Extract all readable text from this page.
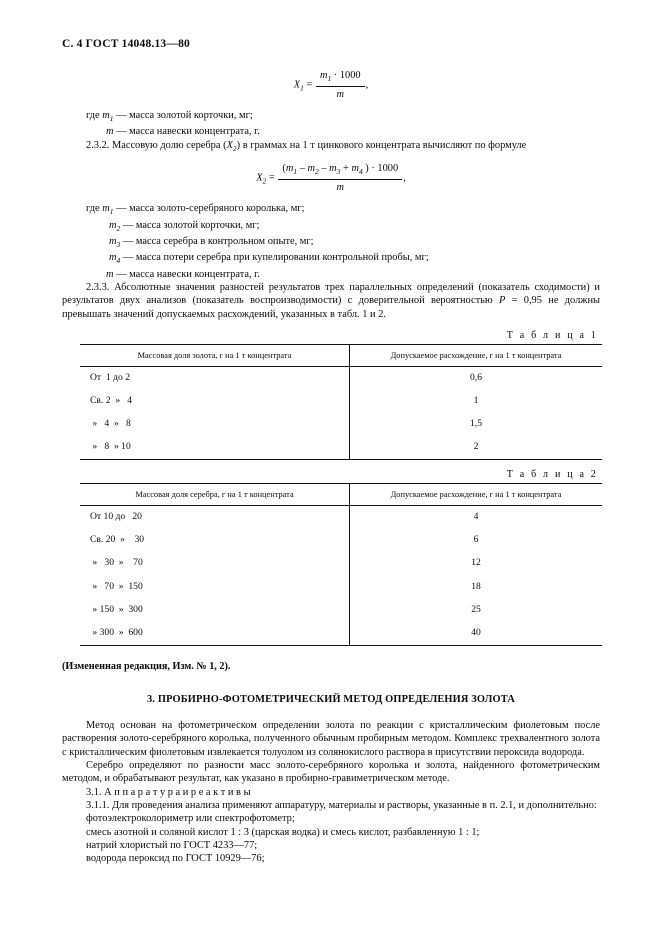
С. 4 ГОСТ 14048.13—80
$X_1 = \frac{m_1 \cdot 1000}{m}$ ,

где $m_1$ — масса золотой корточки, мг;

m — масса навески концентрата, г.

2.3.2. Массовую долю серебра $(X_2)$ в граммах на 1 т цинкового концентрата вычисляют по формуле

$X_2 = \frac{(m_1 - m_2 - m_3 + m_4 ) \cdot 1000}{m}$ ,

где $m_1$ — масса золото-серебряного королька, мг;

$m_2$ — масса золотой корточки, мг;

$m_3$ — масса серебра в контрольном опыте, мг;

$m_4$ — масса потери серебра при купелировании контрольной пробы, мг;

m — масса навески концентрата, г.

2.3.3. Абсолютные значения разностей результатов трех параллельных определений (показатель сходимости) и результатов двух анализов (показатель воспроизводимости) с доверительной вероятностью P = 0,95 не должны превышать значений допускаемых расхождений, указанных в табл. 1 и 2.

Т а б л и ц а 1
Массовая доля золота, г на 1 т концентрата	Допускаемое расхождение, г на 1 т концентрата
От  1 до 2	0,6
Св. 2  »   4	1
»   4  »   8	1,5
»   8  » 10	2
Т а б л и ц а 2
Массовая доля серебра, г на 1 т концентрата	Допускаемое расхождение, г на 1 т концентрата
От 10 до   20	4
Св. 20  »    30	6
»   30  »    70	12
»   70  »  150	18
» 150  »  300	25
» 300  »  600	40

(Измененная редакция, Изм. № 1, 2).

3. ПРОБИРНО-ФОТОМЕТРИЧЕСКИЙ МЕТОД ОПРЕДЕЛЕНИЯ ЗОЛОТА

Метод основан на фотометрическом определении золота по реакции с кристаллическим фиолетовым после растворения золото-серебряного королька, полученного обычным пробирным методом. Комплекс трехвалентного золота с кристаллическим фиолетовым извлекается толуолом из солянокислого раствора в присутствии пероксида водорода.

Серебро определяют по разности масс золото-серебряного королька и золота, найденного фотометрическим методом, и обрабатывают результат, как указано в пробирно-гравиметрическом методе.

3.1. А п п а р а т у р а и р е а к т и в ы

3.1.1. Для проведения анализа применяют аппаратуру, материалы и растворы, указанные в п. 2.1, и дополнительно:

фотоэлектроколориметр или спектрофотометр;

смесь азотной и соляной кислот 1 : 3 (царская водка) и смесь кислот, разбавленную 1 : 1;

натрий хлористый по ГОСТ 4233—77;

водорода пероксид по ГОСТ 10929—76;
